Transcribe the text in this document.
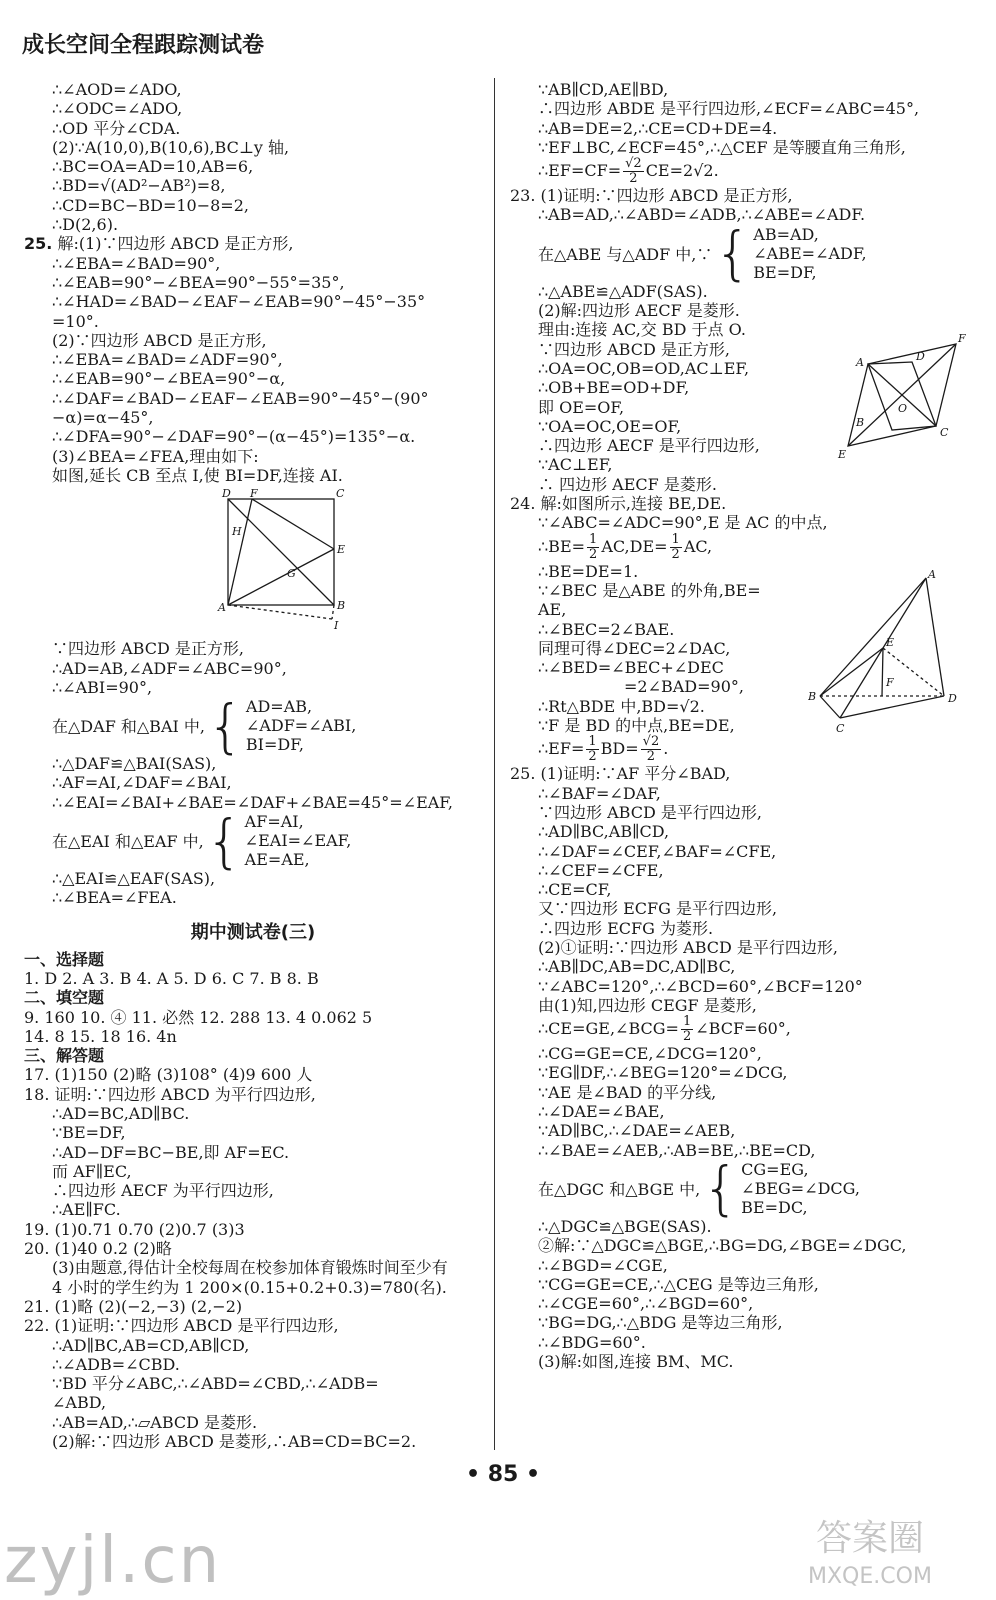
成长空间全程跟踪测试卷
∴∠AOD=∠ADO,
∴∠ODC=∠ADO,
∴OD 平分∠CDA.
(2)∵A(10,0),B(10,6),BC⊥y 轴,
∴BC=OA=AD=10,AB=6,
∴BD=√(AD²−AB²)=8,
∴CD=BC−BD=10−8=2,
∴D(2,6).
25. 解:(1)∵四边形 ABCD 是正方形,
∴∠EBA=∠BAD=90°,
∴∠EAB=90°−∠BEA=90°−55°=35°,
∴∠HAD=∠BAD−∠EAF−∠EAB=90°−45°−35°
=10°.
(2)∵四边形 ABCD 是正方形,
∴∠EBA=∠BAD=∠ADF=90°,
∴∠EAB=90°−∠BEA=90°−α,
∴∠DAF=∠BAD−∠EAF−∠EAB=90°−45°−(90°
−α)=α−45°,
∴∠DFA=90°−∠DAF=90°−(α−45°)=135°−α.
(3)∠BEA=∠FEA,理由如下:
如图,延长 CB 至点 I,使 BI=DF,连接 AI.
D F	C
H
E
G
A	B
I
∵四边形 ABCD 是正方形,
∴AD=AB,∠ADF=∠ABC=90°,
∴∠ABI=90°,
在△DAF 和△BAI 中, { AD=AB,
∠ADF=∠ABI,
BI=DF,
∴△DAF≌△BAI(SAS),
∴AF=AI,∠DAF=∠BAI,
∴∠EAI=∠BAI+∠BAE=∠DAF+∠BAE=45°=∠EAF,
在△EAI 和△EAF 中, { AF=AI,
∠EAI=∠EAF,
AE=AE,
∴△EAI≌△EAF(SAS),
∴∠BEA=∠FEA.
期中测试卷(三)
一、选择题
1. D 2. A 3. B 4. A 5. D 6. C 7. B 8. B
二、填空题
9. 160 10. ④ 11. 必然 12. 288 13. 4 0.062 5
14. 8 15. 18 16. 4n
三、解答题
17. (1)150 (2)略 (3)108° (4)9 600 人
18. 证明:∵四边形 ABCD 为平行四边形,
∴AD=BC,AD∥BC.
∵BE=DF,
∴AD−DF=BC−BE,即 AF=EC.
而 AF∥EC,
∴四边形 AECF 为平行四边形,
∴AE∥FC.
19. (1)0.71 0.70 (2)0.7 (3)3
20. (1)40 0.2 (2)略
(3)由题意,得估计全校每周在校参加体育锻炼时间至少有
4 小时的学生约为 1 200×(0.15+0.2+0.3)=780(名).
21. (1)略 (2)(−2,−3) (2,−2)
22. (1)证明:∵四边形 ABCD 是平行四边形,
∴AD∥BC,AB=CD,AB∥CD,
∴∠ADB=∠CBD.
∵BD 平分∠ABC,∴∠ABD=∠CBD,∴∠ADB=
∠ABD,
∴AB=AD,∴▱ABCD 是菱形.
(2)解:∵四边形 ABCD 是菱形,∴AB=CD=BC=2.
∵AB∥CD,AE∥BD,
∴四边形 ABDE 是平行四边形,∠ECF=∠ABC=45°,
∴AB=DE=2,∴CE=CD+DE=4.
∵EF⊥BC,∠ECF=45°,∴△CEF 是等腰直角三角形,
∴EF=CF= $\frac{√2}{2} CE=2√2$.
23. (1)证明:∵四边形 ABCD 是正方形,
∴AB=AD,∴∠ABD=∠ADB,∴∠ABE=∠ADF.
在△ABE 与△ADF 中,∵ { AB=AD,
∠ABE=∠ADF,
BE=DF,
∴△ABE≌△ADF(SAS).
(2)解:四边形 AECF 是菱形.
理由:连接 AC,交 BD 于点 O.
∵四边形 ABCD 是正方形,
∴OA=OC,OB=OD,AC⊥EF,
∴OB+BE=OD+DF,
即 OE=OF,
∵OA=OC,OE=OF,
∴四边形 AECF 是平行四边形,
∵AC⊥EF,
∴ 四边形 AECF 是菱形.
24. 解:如图所示,连接 BE,DE.
∵∠ABC=∠ADC=90°,E 是 AC 的中点,
∴BE= $\frac{1}{2} AC,DE= \frac{1}{2}$ AC,
∴BE=DE=1.
∵∠BEC 是△ABE 的外角,BE=
AE,
∴∠BEC=2∠BAE.
同理可得∠DEC=2∠DAC,
∴∠BED=∠BEC+∠DEC
=2∠BAD=90°,
∴Rt△BDE 中,BD=√2.
∵F 是 BD 的中点,BE=DE,
∴EF= $\frac{1}{2} BD= \frac{√2}{2}$ .
25. (1)证明:∵AF 平分∠BAD,
∴∠BAF=∠DAF,
∵四边形 ABCD 是平行四边形,
∴AD∥BC,AB∥CD,
∴∠DAF=∠CEF,∠BAF=∠CFE,
∴∠CEF=∠CFE,
∴CE=CF,
又∵四边形 ECFG 是平行四边形,
∴四边形 ECFG 为菱形.
(2)①证明:∵四边形 ABCD 是平行四边形,
∴AB∥DC,AB=DC,AD∥BC,
∵∠ABC=120°,∴∠BCD=60°,∠BCF=120°
由(1)知,四边形 CEGF 是菱形,
∴CE=GE,∠BCG= $\frac{1}{2}$ ∠BCF=60°,
∴CG=GE=CE,∠DCG=120°,
∵EG∥DF,∴∠BEG=120°=∠DCG,
∵AE 是∠BAD 的平分线,
∴∠DAE=∠BAE,
∵AD∥BC,∴∠DAE=∠AEB,
∴∠BAE=∠AEB,∴AB=BE,∴BE=CD,
在△DGC 和△BGE 中, { CG=EG,
∠BEG=∠DCG,
BE=DC,
∴△DGC≌△BGE(SAS).
②解:∵△DGC≌△BGE,∴BG=DG,∠BGE=∠DGC,
∴∠BGD=∠CGE,
∵CG=GE=CE,∴△CEG 是等边三角形,
∴∠CGE=60°,∴∠BGD=60°,
∵BG=DG,∴△BDG 是等边三角形,
∴∠BDG=60°.
(3)解:如图,连接 BM、MC.
A
F
B
D
O
C
E
A
E
F
B	D
C
• 85 •
zyjl.cn	答案圈
MXQE.COM
